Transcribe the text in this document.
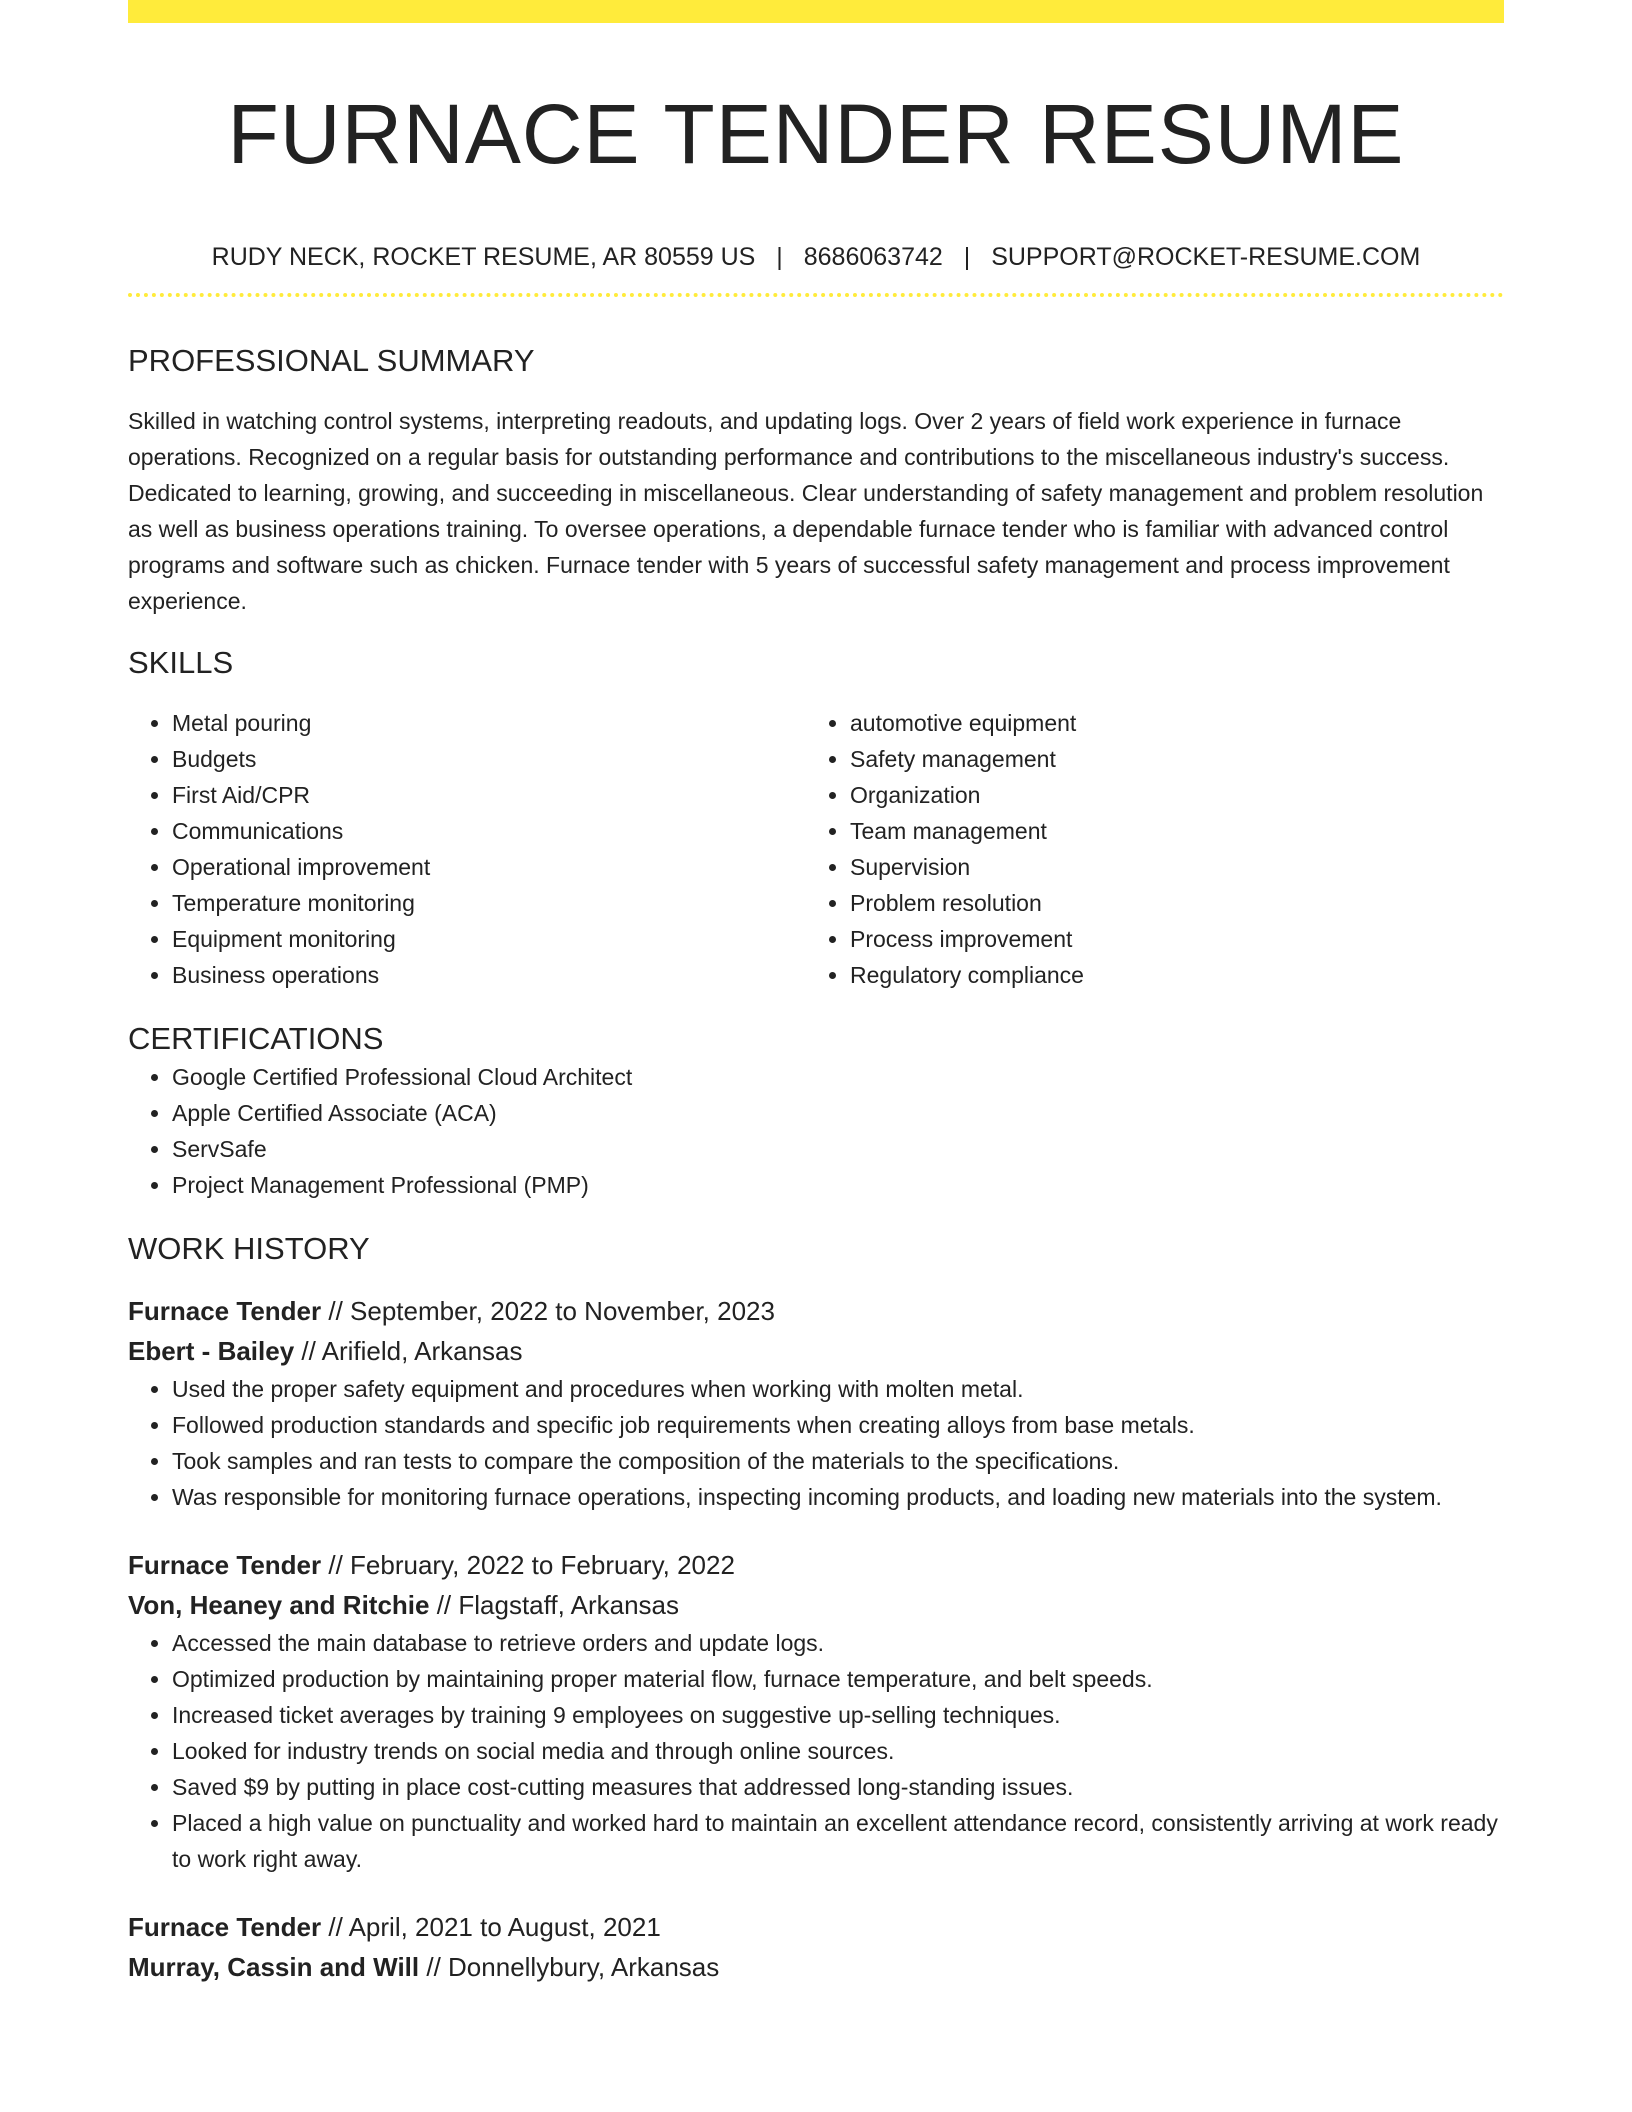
FURNACE TENDER RESUME
RUDY NECK, ROCKET RESUME, AR 80559 US | 8686063742 | SUPPORT@ROCKET-RESUME.COM
PROFESSIONAL SUMMARY
Skilled in watching control systems, interpreting readouts, and updating logs. Over 2 years of field work experience in furnace operations. Recognized on a regular basis for outstanding performance and contributions to the miscellaneous industry's success. Dedicated to learning, growing, and succeeding in miscellaneous. Clear understanding of safety management and problem resolution as well as business operations training. To oversee operations, a dependable furnace tender who is familiar with advanced control programs and software such as chicken. Furnace tender with 5 years of successful safety management and process improvement experience.
SKILLS
• Metal pouring
• Budgets
• First Aid/CPR
• Communications
• Operational improvement
• Temperature monitoring
• Equipment monitoring
• Business operations
• automotive equipment
• Safety management
• Organization
• Team management
• Supervision
• Problem resolution
• Process improvement
• Regulatory compliance
CERTIFICATIONS
• Google Certified Professional Cloud Architect
• Apple Certified Associate (ACA)
• ServSafe
• Project Management Professional (PMP)
WORK HISTORY
Furnace Tender // September, 2022 to November, 2023
Ebert - Bailey // Arifield, Arkansas
• Used the proper safety equipment and procedures when working with molten metal.
• Followed production standards and specific job requirements when creating alloys from base metals.
• Took samples and ran tests to compare the composition of the materials to the specifications.
• Was responsible for monitoring furnace operations, inspecting incoming products, and loading new materials into the system.
Furnace Tender // February, 2022 to February, 2022
Von, Heaney and Ritchie // Flagstaff, Arkansas
• Accessed the main database to retrieve orders and update logs.
• Optimized production by maintaining proper material flow, furnace temperature, and belt speeds.
• Increased ticket averages by training 9 employees on suggestive up-selling techniques.
• Looked for industry trends on social media and through online sources.
• Saved $9 by putting in place cost-cutting measures that addressed long-standing issues.
• Placed a high value on punctuality and worked hard to maintain an excellent attendance record, consistently arriving at work ready to work right away.
Furnace Tender // April, 2021 to August, 2021
Murray, Cassin and Will // Donnellybury, Arkansas
